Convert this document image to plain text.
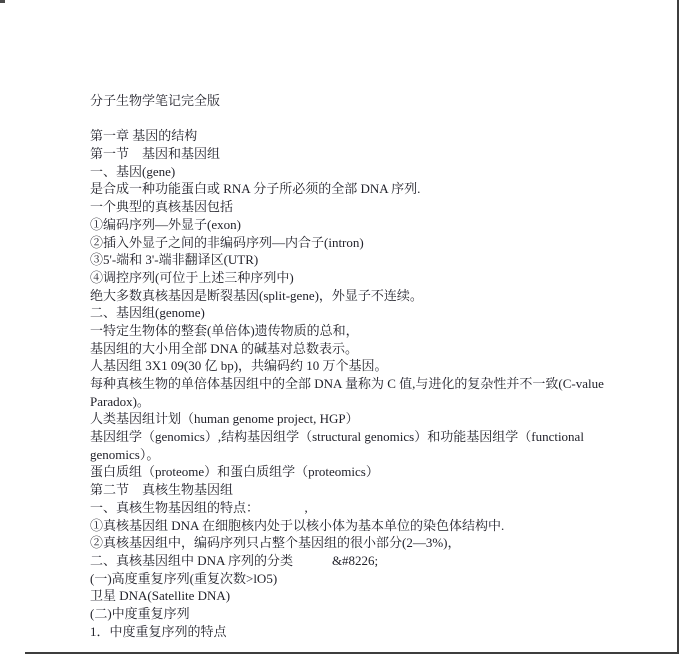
分子生物学笔记完全版
第一章 基因的结构
第一节　基因和基因组
一、基因(gene)
是合成一种功能蛋白或 RNA 分子所必须的全部 DNA 序列.
一个典型的真核基因包括
①编码序列—外显子(exon)
②插入外显子之间的非编码序列—内合子(intron)
③5'-端和 3'-端非翻译区(UTR)
④调控序列(可位于上述三种序列中)
绝大多数真核基因是断裂基因(split-gene)，外显子不连续。
二、基因组(genome)
一特定生物体的整套(单倍体)遗传物质的总和，
基因组的大小用全部 DNA 的碱基对总数表示。
人基因组 3X1 09(30 亿 bp)，共编码约 10 万个基因。
每种真核生物的单倍体基因组中的全部 DNA 量称为 C 值,与进化的复杂性并不一致(C-value
Paradox)。
人类基因组计划（human genome project, HGP）
基因组学（genomics）,结构基因组学（structural genomics）和功能基因组学（functional
genomics）。
蛋白质组（proteome）和蛋白质组学（proteomics）
第二节　真核生物基因组
一、真核生物基因组的特点：　　　　,
①真核基因组 DNA 在细胞核内处于以核小体为基本单位的染色体结构中.
②真核基因组中，编码序列只占整个基因组的很小部分(2—3%)，
二、真核基因组中 DNA 序列的分类　　　&#8226;
(一)高度重复序列(重复次数>lO5)
卫星 DNA(Satellite DNA)
(二)中度重复序列
1．中度重复序列的特点
